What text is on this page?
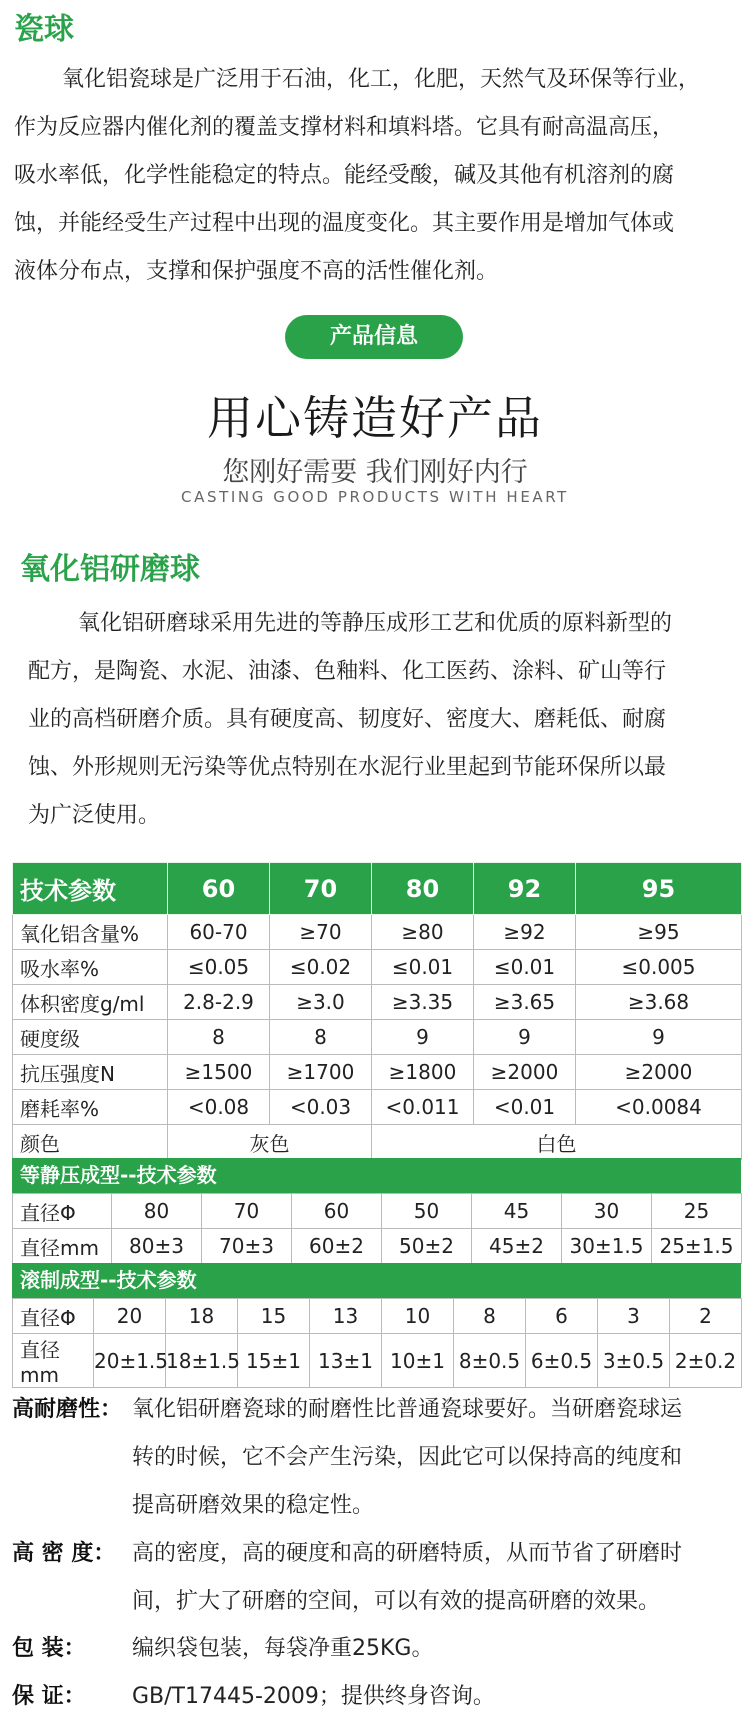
瓷球
氧化铝瓷球是广泛用于石油，化工，化肥，天然气及环保等行业，
作为反应器内催化剂的覆盖支撑材料和填料塔。它具有耐高温高压，
吸水率低，化学性能稳定的特点。能经受酸，碱及其他有机溶剂的腐
蚀，并能经受生产过程中出现的温度变化。其主要作用是增加气体或
液体分布点，支撑和保护强度不高的活性催化剂。
产品信息
用心铸造好产品
您刚好需要 我们刚好内行
CASTING GOOD PRODUCTS WITH HEART
氧化铝研磨球
氧化铝研磨球采用先进的等静压成形工艺和优质的原料新型的
配方，是陶瓷、水泥、油漆、色釉料、化工医药、涂料、矿山等行
业的高档研磨介质。具有硬度高、韧度好、密度大、磨耗低、耐腐
蚀、外形规则无污染等优点特别在水泥行业里起到节能环保所以最
为广泛使用。
技术参数	60	70	80	92	95
氧化铝含量%	60-70	≥70	≥80	≥92	≥95
吸水率%	≤0.05	≤0.02	≤0.01	≤0.01	≤0.005
体积密度g/ml	2.8-2.9	≥3.0	≥3.35	≥3.65	≥3.68
硬度级	8	8	9	9	9
抗压强度N	≥1500	≥1700	≥1800	≥2000	≥2000
磨耗率%	<0.08	<0.03	<0.011	<0.01	<0.0084
颜色	灰色		白色		
等静压成型--技术参数
直径Φ	80	70	60	50	45	30	25
直径mm	80±3	70±3	60±2	50±2	45±2	30±1.5	25±1.5
滚制成型--技术参数
直径Φ	20	18	15	13	10	8	6	3	2
直径mm	20±1.5	18±1.5	15±1	13±1	10±1	8±0.5	6±0.5	3±0.5	2±0.2
高耐磨性： 氧化铝研磨瓷球的耐磨性比普通瓷球要好。当研磨瓷球运
转的时候，它不会产生污染，因此它可以保持高的纯度和
提高研磨效果的稳定性。
高 密 度： 高的密度，高的硬度和高的研磨特质，从而节省了研磨时
间，扩大了研磨的空间，可以有效的提高研磨的效果。
包 装： 编织袋包装，每袋净重25KG。
保 证： GB/T17445-2009；提供终身咨询。
